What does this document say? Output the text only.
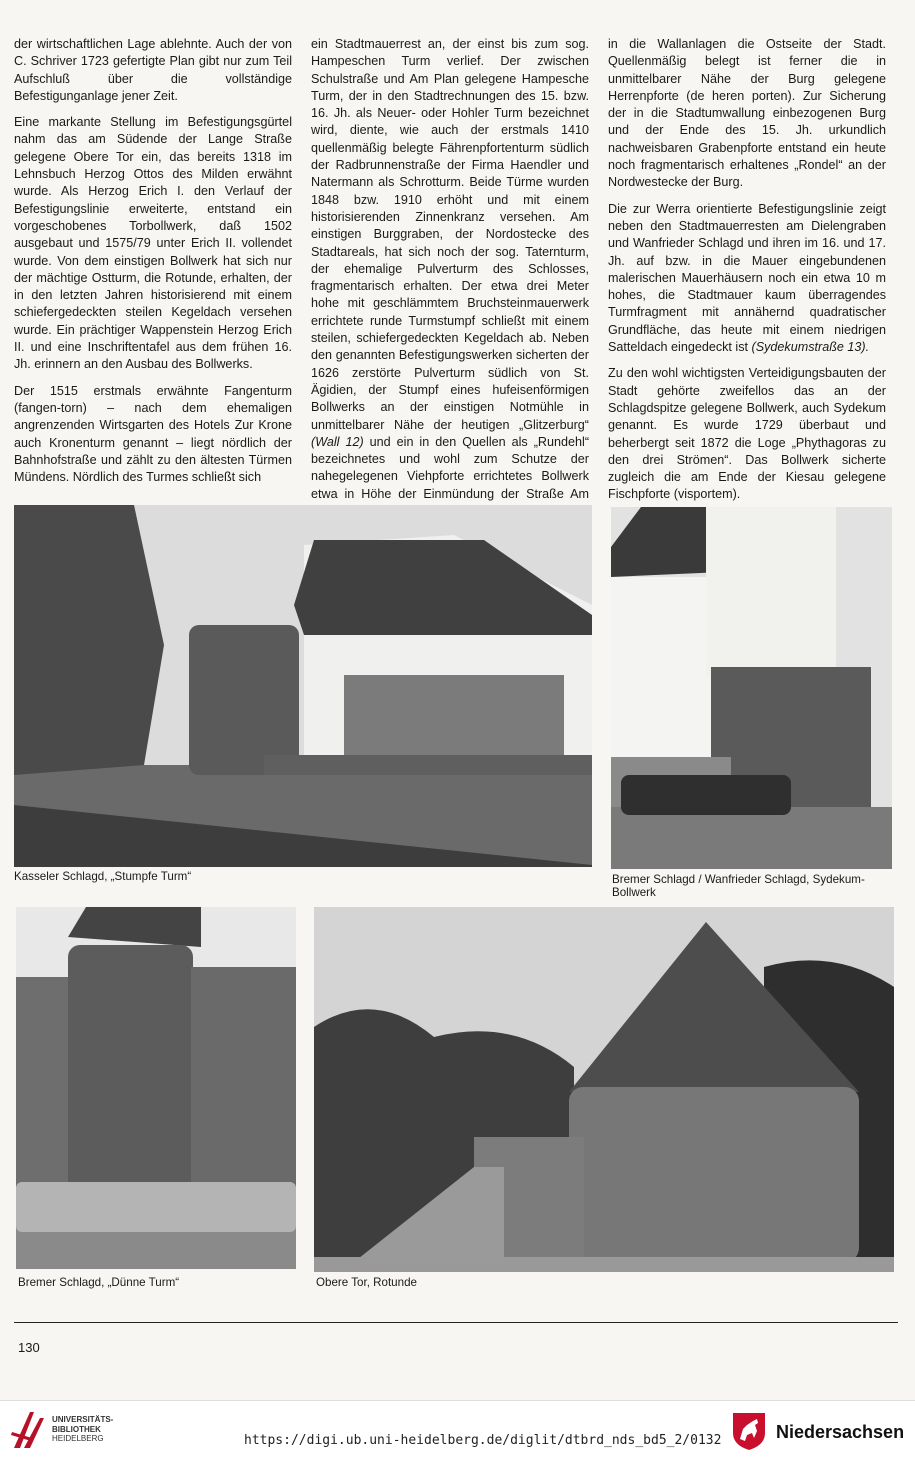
der wirtschaftlichen Lage ablehnte. Auch der von C. Schriver 1723 gefertigte Plan gibt nur zum Teil Aufschluß über die vollständige Befestigunganlage jener Zeit.

Eine markante Stellung im Befestigungsgürtel nahm das am Südende der Lange Straße gelegene Obere Tor ein, das bereits 1318 im Lehnsbuch Herzog Ottos des Milden erwähnt wurde. Als Herzog Erich I. den Verlauf der Befestigungslinie erweiterte, entstand ein vorgeschobenes Torbollwerk, daß 1502 ausgebaut und 1575/79 unter Erich II. vollendet wurde. Von dem einstigen Bollwerk hat sich nur der mächtige Ostturm, die Rotunde, erhalten, der in den letzten Jahren historisierend mit einem schiefergedeckten steilen Kegeldach versehen wurde. Ein prächtiger Wappenstein Herzog Erich II. und eine Inschriftentafel aus dem frühen 16. Jh. erinnern an den Ausbau des Bollwerks.

Der 1515 erstmals erwähnte Fangenturm (fangen-torn) – nach dem ehemaligen angrenzenden Wirtsgarten des Hotels Zur Krone auch Kronenturm genannt – liegt nördlich der Bahnhofstraße und zählt zu den ältesten Türmen Mündens. Nördlich des Turmes schließt sich

ein Stadtmauerrest an, der einst bis zum sog. Hampeschen Turm verlief. Der zwischen Schulstraße und Am Plan gelegene Hampesche Turm, der in den Stadtrechnungen des 15. bzw. 16. Jh. als Neuer- oder Hohler Turm bezeichnet wird, diente, wie auch der erstmals 1410 quellenmäßig belegte Fährenpfortenturm südlich der Radbrunnenstraße der Firma Haendler und Natermann als Schrotturm. Beide Türme wurden 1848 bzw. 1910 erhöht und mit einem historisierenden Zinnenkranz versehen. Am einstigen Burggraben, der Nordostecke des Stadtareals, hat sich noch der sog. Taternturm, der ehemalige Pulverturm des Schlosses, fragmentarisch erhalten. Der etwa drei Meter hohe mit geschlämmtem Bruchsteinmauerwerk errichtete runde Turmstumpf schließt mit einem steilen, schiefergedeckten Kegeldach ab. Neben den genannten Befestigungswerken sicherten der 1626 zerstörte Pulverturm südlich von St. Ägidien, der Stumpf eines hufeisenförmigen Bollwerks an der einstigen Notmühle in unmittelbarer Nähe der heutigen „Glitzerburg“ (Wall 12) und ein in den Quellen als „Rundehl“ bezeichnetes und wohl zum Schutze der nahegelegenen Viehpforte errichtetes Bollwerk etwa in Höhe der Einmündung der Straße Am

in die Wallanlagen die Ostseite der Stadt. Quellenmäßig belegt ist ferner die in unmittelbarer Nähe der Burg gelegene Herrenpforte (de heren porten). Zur Sicherung der in die Stadtumwallung einbezogenen Burg und der Ende des 15. Jh. urkundlich nachweisbaren Grabenpforte entstand ein heute noch fragmentarisch erhaltenes „Rondel“ an der Nordwestecke der Burg.

Die zur Werra orientierte Befestigungslinie zeigt neben den Stadtmauerresten am Dielengraben und Wanfrieder Schlagd und ihren im 16. und 17. Jh. auf bzw. in die Mauer eingebundenen malerischen Mauerhäusern noch ein etwa 10 m hohes, die Stadtmauer kaum überragendes Turmfragment mit annähernd quadratischer Grundfläche, das heute mit einem niedrigen Satteldach eingedeckt ist (Sydekumstraße 13).

Zu den wohl wichtigsten Verteidigungsbauten der Stadt gehörte zweifellos das an der Schlagdspitze gelegene Bollwerk, auch Sydekum genannt. Es wurde 1729 überbaut und beherbergt seit 1872 die Loge „Phythagoras zu den drei Strömen“. Das Bollwerk sicherte zugleich die am Ende der Kiesau gelegene Fischpforte (visportem).

Kasseler Schlagd, „Stumpfe Turm“	Bremer Schlagd / Wanfrieder Schlagd, Sydekum-Bollwerk
Bremer Schlagd, „Dünne Turm“	Obere Tor, Rotunde
130
UNIVERSITÄTS-
BIBLIOTHEK
HEIDELBERG	https://digi.ub.uni-heidelberg.de/diglit/dtbrd_nds_bd5_2/0132	Niedersachsen
